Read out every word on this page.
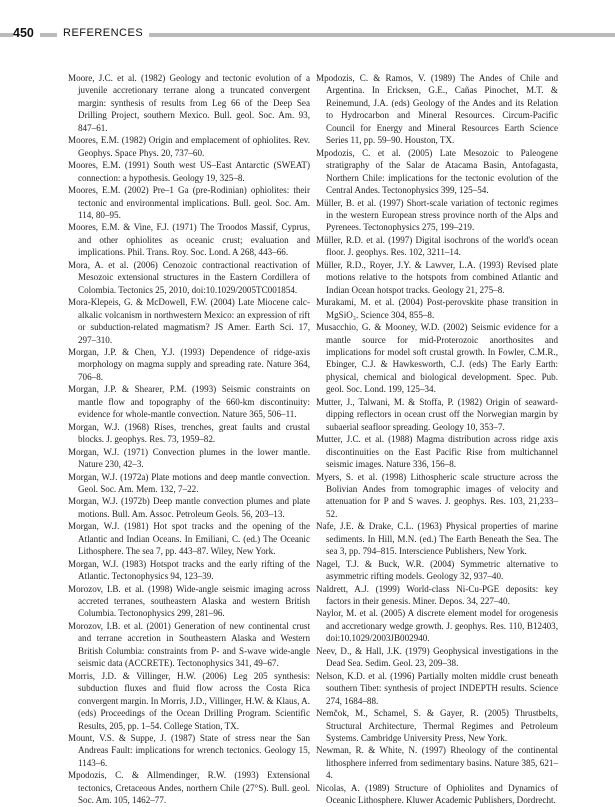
450	REFERENCES

Moore, J.C. et al. (1982) Geology and tectonic evolution of a juvenile accretionary terrane along a truncated convergent margin: synthesis of results from Leg 66 of the Deep Sea Drilling Project, southern Mexico. Bull. geol. Soc. Am. 93, 847–61.

Moores, E.M. (1982) Origin and emplacement of ophiolites. Rev. Geophys. Space Phys. 20, 737–60.

Moores, E.M. (1991) South west US–East Antarctic (SWEAT) connection: a hypothesis. Geology 19, 325–8.

Moores, E.M. (2002) Pre–1 Ga (pre-Rodinian) ophiolites: their tectonic and environmental implications. Bull. geol. Soc. Am. 114, 80–95.

Moores, E.M. & Vine, F.J. (1971) The Troodos Massif, Cyprus, and other ophiolites as oceanic crust; evaluation and implications. Phil. Trans. Roy. Soc. Lond. A 268, 443–66.

Mora, A. et al. (2006) Cenozoic contractional reactivation of Mesozoic extensional structures in the Eastern Cordillera of Colombia. Tectonics 25, 2010, doi:10.1029/2005TC001854.

Mora-Klepeis, G. & McDowell, F.W. (2004) Late Miocene calc-alkalic volcanism in northwestern Mexico: an expression of rift or subduction-related magmatism? JS Amer. Earth Sci. 17, 297–310.

Morgan, J.P. & Chen, Y.J. (1993) Dependence of ridge-axis morphology on magma supply and spreading rate. Nature 364, 706–8.

Morgan, J.P. & Shearer, P.M. (1993) Seismic constraints on mantle flow and topography of the 660-km discontinuity: evidence for whole-mantle convection. Nature 365, 506–11.

Morgan, W.J. (1968) Rises, trenches, great faults and crustal blocks. J. geophys. Res. 73, 1959–82.

Morgan, W.J. (1971) Convection plumes in the lower mantle. Nature 230, 42–3.

Morgan, W.J. (1972a) Plate motions and deep mantle convection. Geol. Soc. Am. Mem. 132, 7–22.

Morgan, W.J. (1972b) Deep mantle convection plumes and plate motions. Bull. Am. Assoc. Petroleum Geols. 56, 203–13.

Morgan, W.J. (1981) Hot spot tracks and the opening of the Atlantic and Indian Oceans. In Emiliani, C. (ed.) The Oceanic Lithosphere. The sea 7, pp. 443–87. Wiley, New York.

Morgan, W.J. (1983) Hotspot tracks and the early rifting of the Atlantic. Tectonophysics 94, 123–39.

Morozov, I.B. et al. (1998) Wide-angle seismic imaging across accreted terranes, southeastern Alaska and western British Columbia. Tectonophysics 299, 281–96.

Morozov, I.B. et al. (2001) Generation of new continental crust and terrane accretion in Southeastern Alaska and Western British Columbia: constraints from P- and S-wave wide-angle seismic data (ACCRETE). Tectonophysics 341, 49–67.

Morris, J.D. & Villinger, H.W. (2006) Leg 205 synthesis: subduction fluxes and fluid flow across the Costa Rica convergent margin. In Morris, J.D., Villinger, H.W. & Klaus, A. (eds) Proceedings of the Ocean Drilling Program. Scientific Results, 205, pp. 1–54. College Station, TX.

Mount, V.S. & Suppe, J. (1987) State of stress near the San Andreas Fault: implications for wrench tectonics. Geology 15, 1143–6.

Mpodozis, C. & Allmendinger, R.W. (1993) Extensional tectonics, Cretaceous Andes, northern Chile (27°S). Bull. geol. Soc. Am. 105, 1462–77.

Mpodozis, C. & Ramos, V. (1989) The Andes of Chile and Argentina. In Ericksen, G.E., Cañas Pinochet, M.T. & Reinemund, J.A. (eds) Geology of the Andes and its Relation to Hydrocarbon and Mineral Resources. Circum-Pacific Council for Energy and Mineral Resources Earth Science Series 11, pp. 59–90. Houston, TX.

Mpodozis, C. et al. (2005) Late Mesozoic to Paleogene stratigraphy of the Salar de Atacama Basin, Antofagasta, Northern Chile: implications for the tectonic evolution of the Central Andes. Tectonophysics 399, 125–54.

Müller, B. et al. (1997) Short-scale variation of tectonic regimes in the western European stress province north of the Alps and Pyrenees. Tectonophysics 275, 199–219.

Müller, R.D. et al. (1997) Digital isochrons of the world's ocean floor. J. geophys. Res. 102, 3211–14.

Müller, R.D., Royer, J.Y. & Lawver, L.A. (1993) Revised plate motions relative to the hotspots from combined Atlantic and Indian Ocean hotspot tracks. Geology 21, 275–8.

Murakami, M. et al. (2004) Post-perovskite phase transition in MgSiO₃. Science 304, 855–8.

Musacchio, G. & Mooney, W.D. (2002) Seismic evidence for a mantle source for mid-Proterozoic anorthosites and implications for model soft crustal growth. In Fowler, C.M.R., Ebinger, C.J. & Hawkesworth, C.J. (eds) The Early Earth: physical, chemical and biological development. Spec. Pub. geol. Soc. Lond. 199, 125–34.

Mutter, J., Talwani, M. & Stoffa, P. (1982) Origin of seaward-dipping reflectors in ocean crust off the Norwegian margin by subaerial seafloor spreading. Geology 10, 353–7.

Mutter, J.C. et al. (1988) Magma distribution across ridge axis discontinuities on the East Pacific Rise from multichannel seismic images. Nature 336, 156–8.

Myers, S. et al. (1998) Lithospheric scale structure across the Bolivian Andes from tomographic images of velocity and attenuation for P and S waves. J. geophys. Res. 103, 21,233–52.

Nafe, J.E. & Drake, C.L. (1963) Physical properties of marine sediments. In Hill, M.N. (ed.) The Earth Beneath the Sea. The sea 3, pp. 794–815. Interscience Publishers, New York.

Nagel, T.J. & Buck, W.R. (2004) Symmetric alternative to asymmetric rifting models. Geology 32, 937–40.

Naldrett, A.J. (1999) World-class Ni-Cu-PGE deposits: key factors in their genesis. Miner. Depos. 34, 227–40.

Naylor, M. et al. (2005) A discrete element model for orogenesis and accretionary wedge growth. J. geophys. Res. 110, B12403, doi:10.1029/2003JB002940.

Neev, D., & Hall, J.K. (1979) Geophysical investigations in the Dead Sea. Sedim. Geol. 23, 209–38.

Nelson, K.D. et al. (1996) Partially molten middle crust beneath southern Tibet: synthesis of project INDEPTH results. Science 274, 1684–88.

Nemčok, M., Schamel, S. & Gayer, R. (2005) Thrustbelts, Structural Architecture, Thermal Regimes and Petroleum Systems. Cambridge University Press, New York.

Newman, R. & White, N. (1997) Rheology of the continental lithosphere inferred from sedimentary basins. Nature 385, 621–4.

Nicolas, A. (1989) Structure of Ophiolites and Dynamics of Oceanic Lithosphere. Kluwer Academic Publishers, Dordrecht.
